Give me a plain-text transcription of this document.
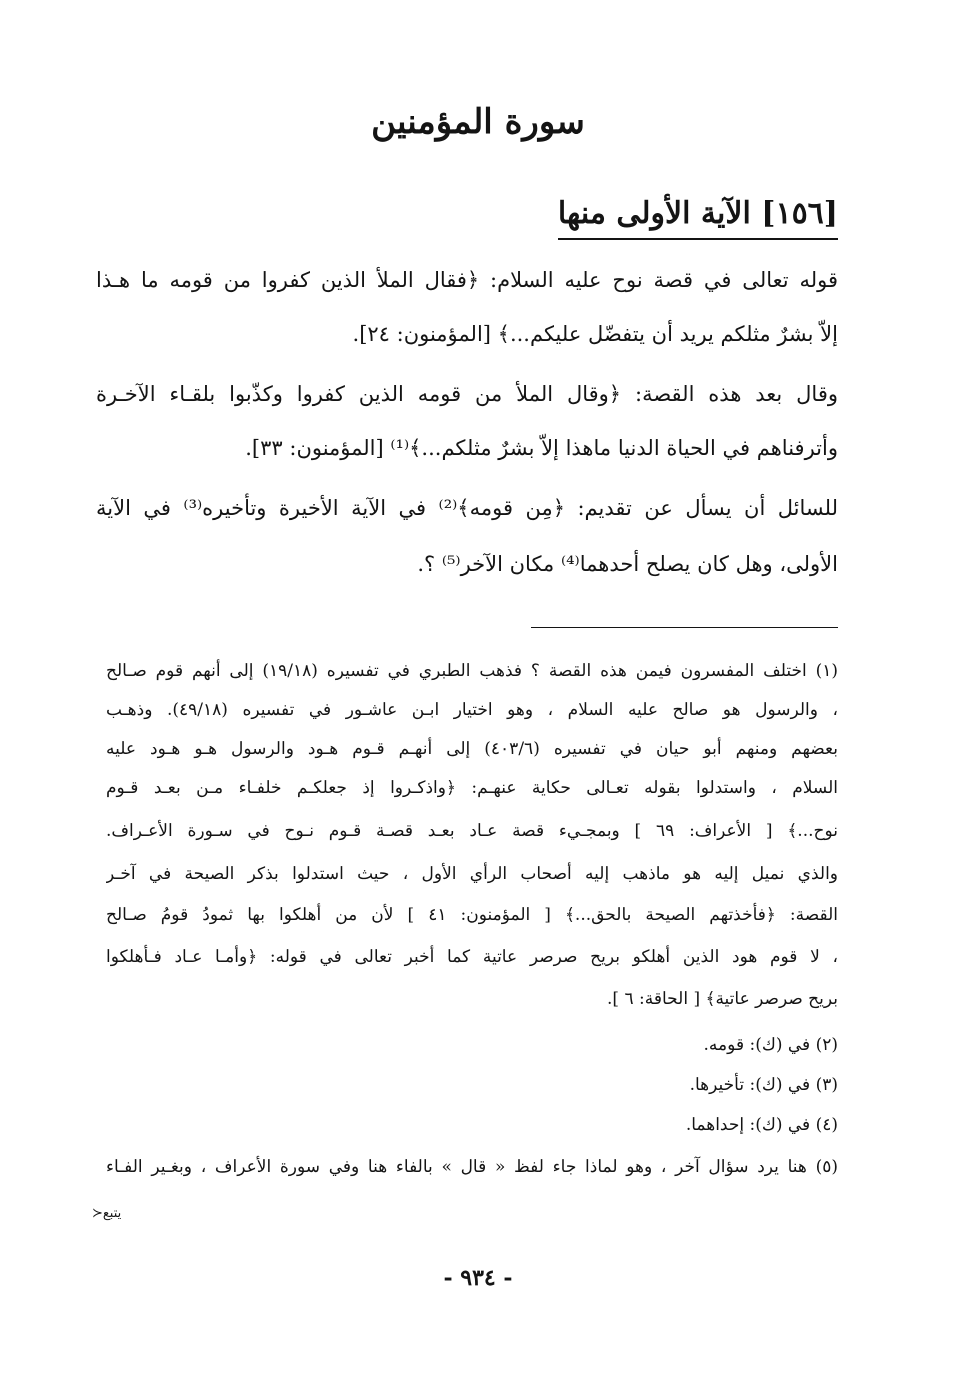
سورة المؤمنين
[١٥٦] الآية الأولى منها
قوله تعالى في قصة نوح عليه السلام: ﴿فقال الملأ الذين كفروا من قومه ما هـذا
إلاّ بشرٌ مثلكم يريد أن يتفضّل عليكم...﴾ [المؤمنون: ٢٤].
وقال بعد هذه القصة: ﴿وقال الملأ من قومه الذين كفروا وكذّبوا بلقـاء الآخـرة
وأترفناهم في الحياة الدنيا ماهذا إلاّ بشرٌ مثلكم...﴾⁽¹⁾ [المؤمنون: ٣٣].
للسائل أن يسأل عن تقديم: ﴿مِن قومه﴾⁽²⁾ في الآية الأخيرة وتأخيره⁽³⁾ في الآية
الأولى، وهل كان يصلح أحدهما⁽⁴⁾ مكان الآخر⁽⁵⁾ ؟.
(١) اختلف المفسرون فيمن هذه القصة ؟ فذهب الطبري في تفسيره (١٩/١٨) إلى أنهم قوم صـالح
، والرسول هو صالح عليه السلام ، وهو اختيار ابـن عاشـور في تفسيره (٤٩/١٨). وذهـب
بعضهم ومنهم أبو حيان في تفسيره (٤٠٣/٦) إلى أنهـم قـوم هـود والرسول هـو هـود عليه
السلام ، واستدلوا بقوله تعـالى حكاية عنهـم: ﴿واذكـروا إذ جعلكـم خلفـاء مـن بعـد قـوم
نوح...﴾ [ الأعراف: ٦٩ ] وبمجـيء قصة عـاد بعـد قصـة قـوم نـوح في سـورة الأعـراف.
والذي نميل إليه هو ماذهب إليه أصحاب الرأي الأول ، حيث استدلوا بذكر الصيحة في آخـر
القصة: ﴿فأخذتهم الصيحة بالحق...﴾ [ المؤمنون: ٤١ ] لأن من أهلكوا بها ثمودُ قومُ صـالح
، لا قوم هود الذين أهلكو بريح صرصر عاتية كما أخبر تعالى في قوله: ﴿وأمـا عـاد فـأهلكوا
بريح صرصر عاتية﴾ [ الحاقة: ٦ ].
(٢) في (ك): قومه.
(٣) في (ك): تأخيرها.
(٤) في (ك): إحداهما.
(٥) هنا يرد سؤال آخر ، وهو لماذا جاء لفظ « قال » بالفاء هنا وفي سورة الأعراف ، وبغـير الفـاء
يتبع≺
- ٩٣٤ -
